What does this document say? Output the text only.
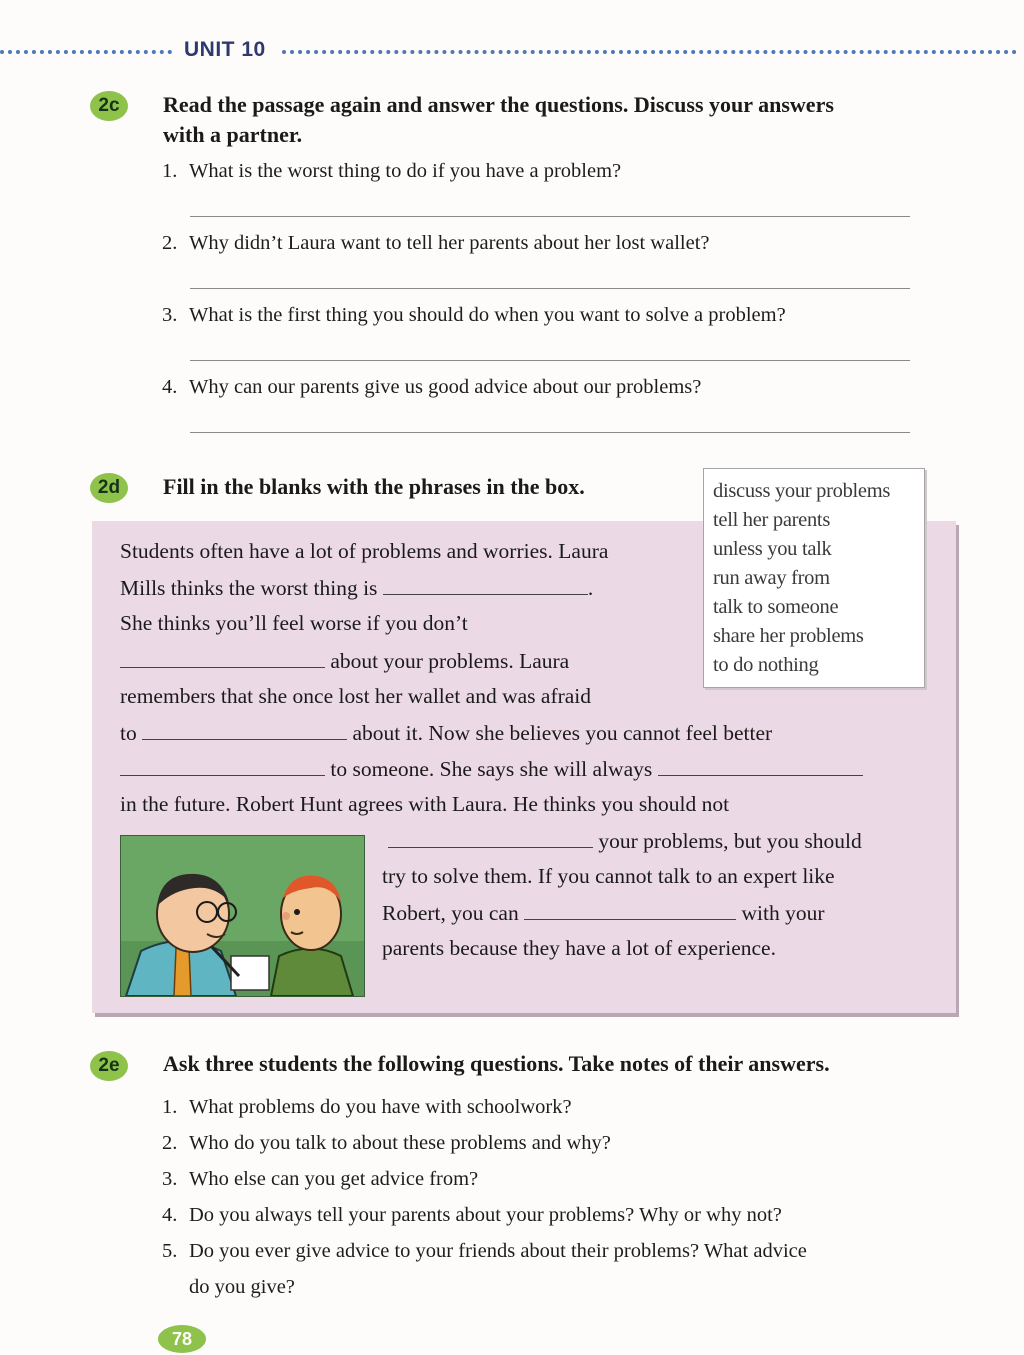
UNIT 10
2c	Read the passage again and answer the questions. Discuss your answers
with a partner.
1. What is the worst thing to do if you have a problem?
2. Why didn’t Laura want to tell her parents about her lost wallet?
3. What is the first thing you should do when you want to solve a problem?
4. Why can our parents give us good advice about our problems?
2d	Fill in the blanks with the phrases in the box.
Students often have a lot of problems and worries. Laura
Mills thinks the worst thing is	.
She thinks you’ll feel worse if you don’t
about your problems. Laura
remembers that she once lost her wallet and was afraid
to	about it. Now she believes you cannot feel better
to someone. She says she will always
in the future. Robert Hunt agrees with Laura. He thinks you should not
your problems, but you should
try to solve them. If you cannot talk to an expert like
Robert, you can	with your
parents because they have a lot of experience.
discuss your problems
tell her parents
unless you talk
run away from
talk to someone
share her problems
to do nothing
2e	Ask three students the following questions. Take notes of their answers.
1. What problems do you have with schoolwork?
2. Who do you talk to about these problems and why?
3. Who else can you get advice from?
4. Do you always tell your parents about your problems? Why or why not?
5. Do you ever give advice to your friends about their problems? What advice
do you give?
78
